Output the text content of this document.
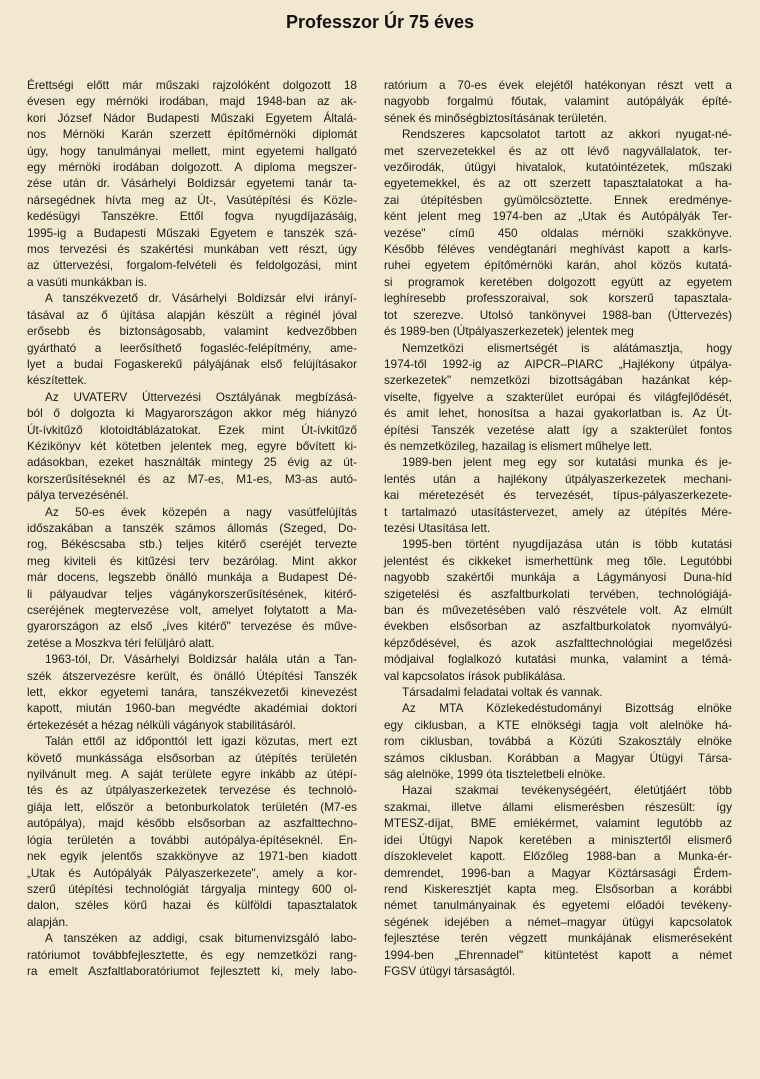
Professzor Úr 75 éves
Érettségi előtt már műszaki rajzolóként dolgozott 18
évesen egy mérnöki irodában, majd 1948-ban az ak-
kori József Nádor Budapesti Műszaki Egyetem Általá-
nos Mérnöki Karán szerzett építőmérnöki diplomát
úgy, hogy tanulmányai mellett, mint egyetemi hallgató
egy mérnöki irodában dolgozott. A diploma megszer-
zése után dr. Vásárhelyi Boldizsár egyetemi tanár ta-
nársegédnek hívta meg az Út-, Vasútépítési és Közle-
kedésügyi Tanszékre. Ettől fogva nyugdíjazásáig,
1995-ig a Budapesti Műszaki Egyetem e tanszék szá-
mos tervezési és szakértési munkában vett részt, úgy
az úttervezési, forgalom-felvételi és feldolgozási, mint
a vasúti munkákban is.
A tanszékvezető dr. Vásárhelyi Boldizsár elvi irányí-
tásával az ő újítása alapján készült a réginél jóval
erősebb és biztonságosabb, valamint kedvezőbben
gyártható a leerősíthető fogasléc-felépítmény, ame-
lyet a budai Fogaskerekű pályájának első felújításakor
készítettek.
Az UVATERV Úttervezési Osztályának megbízásá-
ból ő dolgozta ki Magyarországon akkor még hiányzó
Út-ívkitűző klotoidtáblázatokat. Ezek mint Út-ívkitűző
Kézikönyv két kötetben jelentek meg, egyre bővített ki-
adásokban, ezeket használták mintegy 25 évig az út-
korszerűsítéseknél és az M7-es, M1-es, M3-as autó-
pálya tervezésénél.
Az 50-es évek közepén a nagy vasútfelújítás
időszakában a tanszék számos állomás (Szeged, Do-
rog, Békéscsaba stb.) teljes kitérő cseréjét tervezte
meg kiviteli és kitűzési terv bezárólag. Mint akkor
már docens, legszebb önálló munkája a Budapest Dé-
li pályaudvar teljes vágánykorszerűsítésének, kitérő-
cseréjének megtervezése volt, amelyet folytatott a Ma-
gyarországon az első „íves kitérő" tervezése és műve-
zetése a Moszkva téri felüljáró alatt.
1963-tól, Dr. Vásárhelyi Boldizsár halála után a Tan-
szék átszervezésre került, és önálló Útépítési Tanszék
lett, ekkor egyetemi tanára, tanszékvezetői kinevezést
kapott, miután 1960-ban megvédte akadémiai doktori
értekezését a hézag nélküli vágányok stabilitásáról.
Talán ettől az időponttól lett igazi közutas, mert ezt
követő munkássága elsősorban az útépítés területén
nyilvánult meg. A saját területe egyre inkább az útépí-
tés és az útpályaszerkezetek tervezése és technoló-
giája lett, először a betonburkolatok területén (M7-es
autópálya), majd később elsősorban az aszfalttechno-
lógia területén a további autópálya-építéseknél. En-
nek egyik jelentős szakkönyve az 1971-ben kiadott
„Utak és Autópályák Pályaszerkezete", amely a kor-
szerű útépítési technológiát tárgyalja mintegy 600 ol-
dalon, széles körű hazai és külföldi tapasztalatok
alapján.
A tanszéken az addigi, csak bitumenvizsgáló labo-
ratóriumot továbbfejlesztette, és egy nemzetközi rang-
ra emelt Aszfaltlaboratóriumot fejlesztett ki, mely labo-
ratórium a 70-es évek elejétől hatékonyan részt vett a
nagyobb forgalmú főutak, valamint autópályák építé-
sének és minőségbiztosításának területén.
Rendszeres kapcsolatot tartott az akkori nyugat-né-
met szervezetekkel és az ott lévő nagyvállalatok, ter-
vezőirodák, útügyi hivatalok, kutatóintézetek, műszaki
egyetemekkel, és az ott szerzett tapasztalatokat a ha-
zai útépítésben gyümölcsöztette. Ennek eredménye-
ként jelent meg 1974-ben az „Utak és Autópályák Ter-
vezése" című 450 oldalas mérnöki szakkönyve.
Később féléves vendégtanári meghívást kapott a karls-
ruhei egyetem építőmérnöki karán, ahol közös kutatá-
si programok keretében dolgozott együtt az egyetem
leghíresebb professzoraival, sok korszerű tapasztala-
tot szerezve. Utolsó tankönyvei 1988-ban (Úttervezés)
és 1989-ben (Útpályaszerkezetek) jelentek meg
Nemzetközi elismertségét is alátámasztja, hogy
1974-től 1992-ig az AIPCR–PIARC „Hajlékony útpálya-
szerkezetek" nemzetközi bizottságában hazánkat kép-
viselte, figyelve a szakterület európai és világfejlődését,
és amit lehet, honosítsa a hazai gyakorlatban is. Az Út-
építési Tanszék vezetése alatt így a szakterület fontos
és nemzetközileg, hazailag is elismert műhelye lett.
1989-ben jelent meg egy sor kutatási munka és je-
lentés után a hajlékony útpályaszerkezetek mechani-
kai méretezését és tervezését, típus-pályaszerkezete-
t tartalmazó utasítástervezet, amely az útépítés Mére-
tezési Utasítása lett.
1995-ben történt nyugdíjazása után is több kutatási
jelentést és cikkeket ismerhettünk meg tőle. Legutóbbi
nagyobb szakértői munkája a Lágymányosi Duna-híd
szigetelési és aszfaltburkolati tervében, technológiájá-
ban és művezetésében való részvétele volt. Az elmúlt
években elsősorban az aszfaltburkolatok nyomvályú-
képződésével, és azok aszfalttechnológiai megelőzési
módjaival foglalkozó kutatási munka, valamint a témá-
val kapcsolatos írások publikálása.
Társadalmi feladatai voltak és vannak.
Az MTA Közlekedéstudományi Bizottság elnöke
egy ciklusban, a KTE elnökségi tagja volt alelnöke há-
rom ciklusban, továbbá a Közúti Szakosztály elnöke
számos ciklusban. Korábban a Magyar Útügyi Társa-
ság alelnöke, 1999 óta tiszteletbeli elnöke.
Hazai szakmai tevékenységéért, életútjáért több
szakmai, illetve állami elismerésben részesült: így
MTESZ-díjat, BME emlékérmet, valamint legutóbb az
idei Útügyi Napok keretében a minisztertől elismerő
díszoklevelet kapott. Előzőleg 1988-ban a Munka-ér-
demrendet, 1996-ban a Magyar Köztársasági Érdem-
rend Kiskeresztjét kapta meg. Elsősorban a korábbi
német tanulmányainak és egyetemi előadói tevékeny-
ségének idejében a német–magyar útügyi kapcsolatok
fejlesztése terén végzett munkájának elismeréseként
1994-ben „Ehrennadel" kitüntetést kapott a német
FGSV útügyi társaságtól.
